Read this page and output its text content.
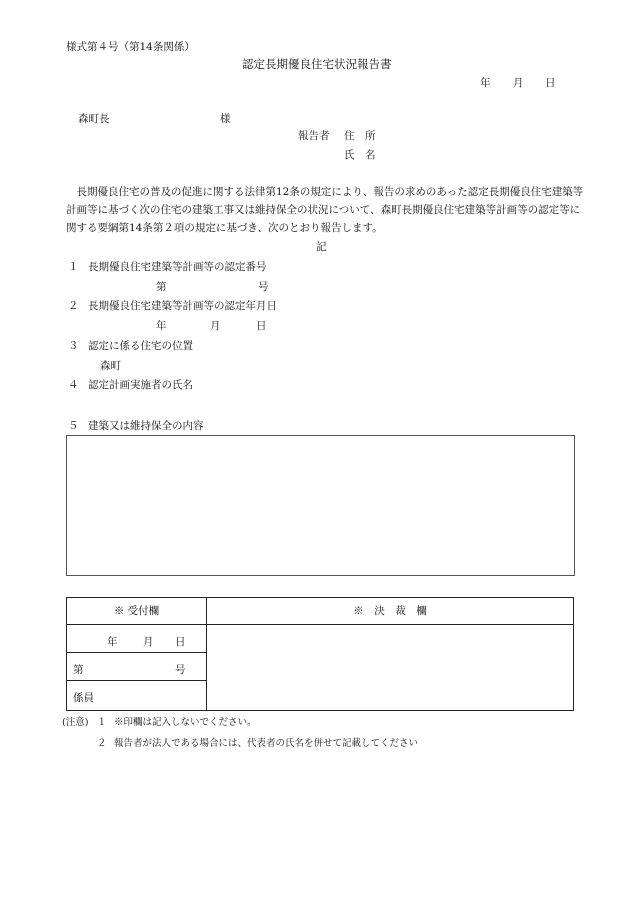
様式第４号（第14条関係）
認定長期優良住宅状況報告書
年 月 日
森町長	様
報告者 住　所
氏　名

長期優良住宅の普及の促進に関する法律第12条の規定により、報告の求めのあった認定長期優良住宅建築等計画等に基づく次の住宅の建築工事又は維持保全の状況について、森町長期優良住宅建築等計画等の認定等に関する要綱第14条第２項の規定に基づき、次のとおり報告します。

記
１ 長期優良住宅建築等計画等の認定番号
第	号
２ 長期優良住宅建築等計画等の認定年月日
年	月	日
３ 認定に係る住宅の位置
森町
４ 認定計画実施者の氏名
５ 建築又は維持保全の内容
※ 受付欄	※　決　裁　欄
年 月 日
第	号
係員
(注意) １ ※印欄は記入しないでください。
２ 報告者が法人である場合には、代表者の氏名を併せて記載してください
